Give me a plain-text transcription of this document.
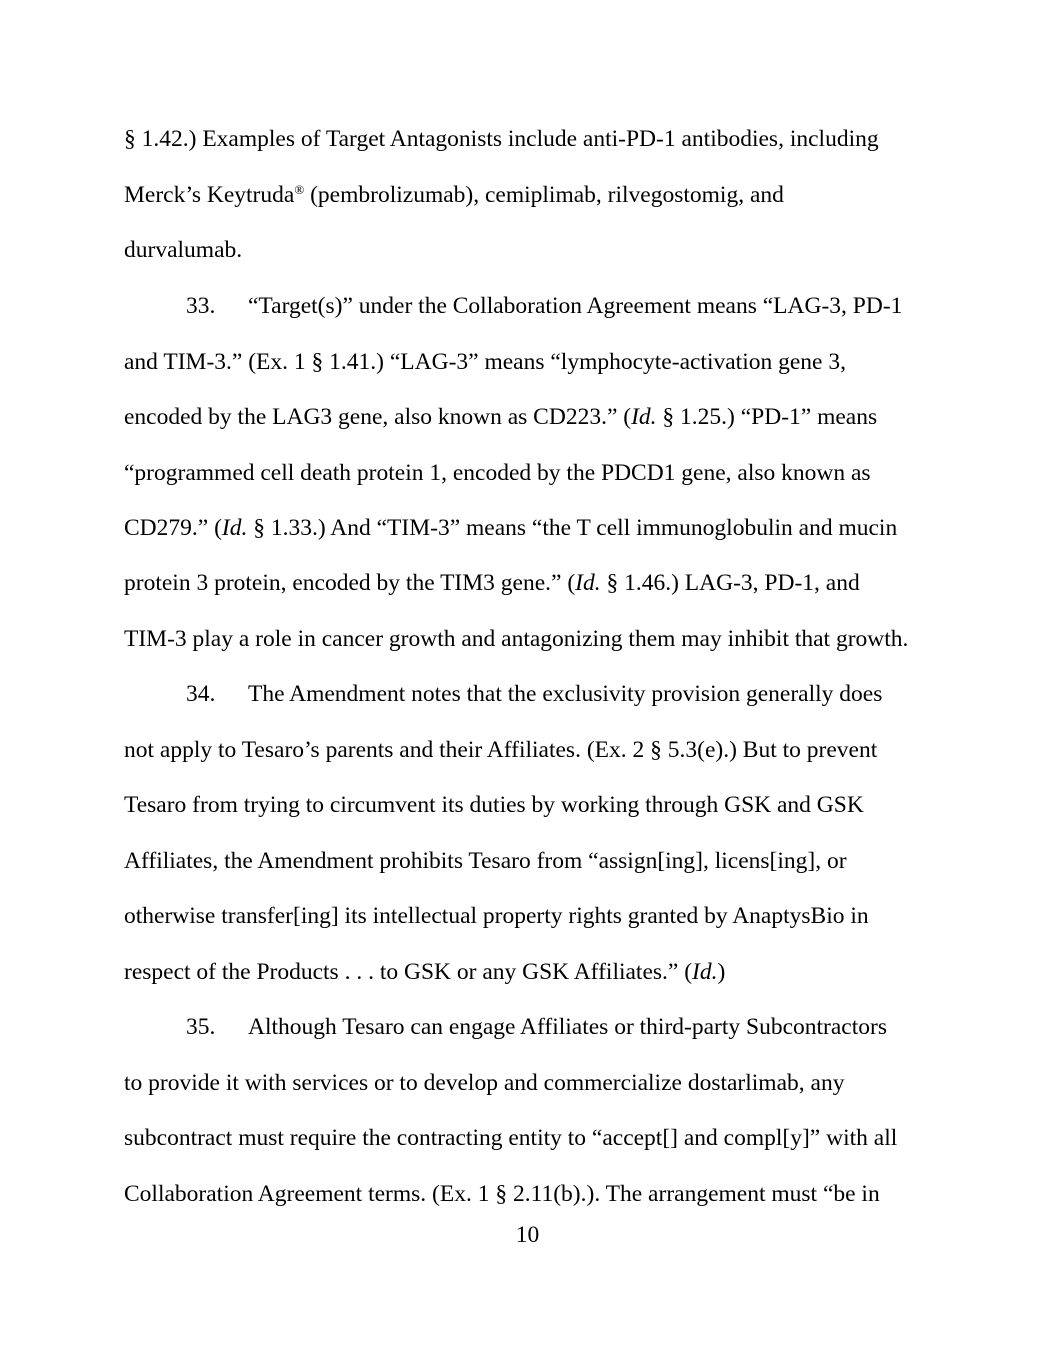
§ 1.42.) Examples of Target Antagonists include anti-PD-1 antibodies, including
Merck’s Keytruda® (pembrolizumab), cemiplimab, rilvegostomig, and
durvalumab.
33. “Target(s)” under the Collaboration Agreement means “LAG-3, PD-1
and TIM-3.” (Ex. 1 § 1.41.) “LAG-3” means “lymphocyte-activation gene 3,
encoded by the LAG3 gene, also known as CD223.” (Id. § 1.25.) “PD-1” means
“programmed cell death protein 1, encoded by the PDCD1 gene, also known as
CD279.” (Id. § 1.33.) And “TIM-3” means “the T cell immunoglobulin and mucin
protein 3 protein, encoded by the TIM3 gene.” (Id. § 1.46.) LAG-3, PD-1, and
TIM-3 play a role in cancer growth and antagonizing them may inhibit that growth.
34. The Amendment notes that the exclusivity provision generally does
not apply to Tesaro’s parents and their Affiliates. (Ex. 2 § 5.3(e).) But to prevent
Tesaro from trying to circumvent its duties by working through GSK and GSK
Affiliates, the Amendment prohibits Tesaro from “assign[ing], licens[ing], or
otherwise transfer[ing] its intellectual property rights granted by AnaptysBio in
respect of the Products . . . to GSK or any GSK Affiliates.” (Id.)
35. Although Tesaro can engage Affiliates or third-party Subcontractors
to provide it with services or to develop and commercialize dostarlimab, any
subcontract must require the contracting entity to “accept[] and compl[y]” with all
Collaboration Agreement terms. (Ex. 1 § 2.11(b).). The arrangement must “be in
10
